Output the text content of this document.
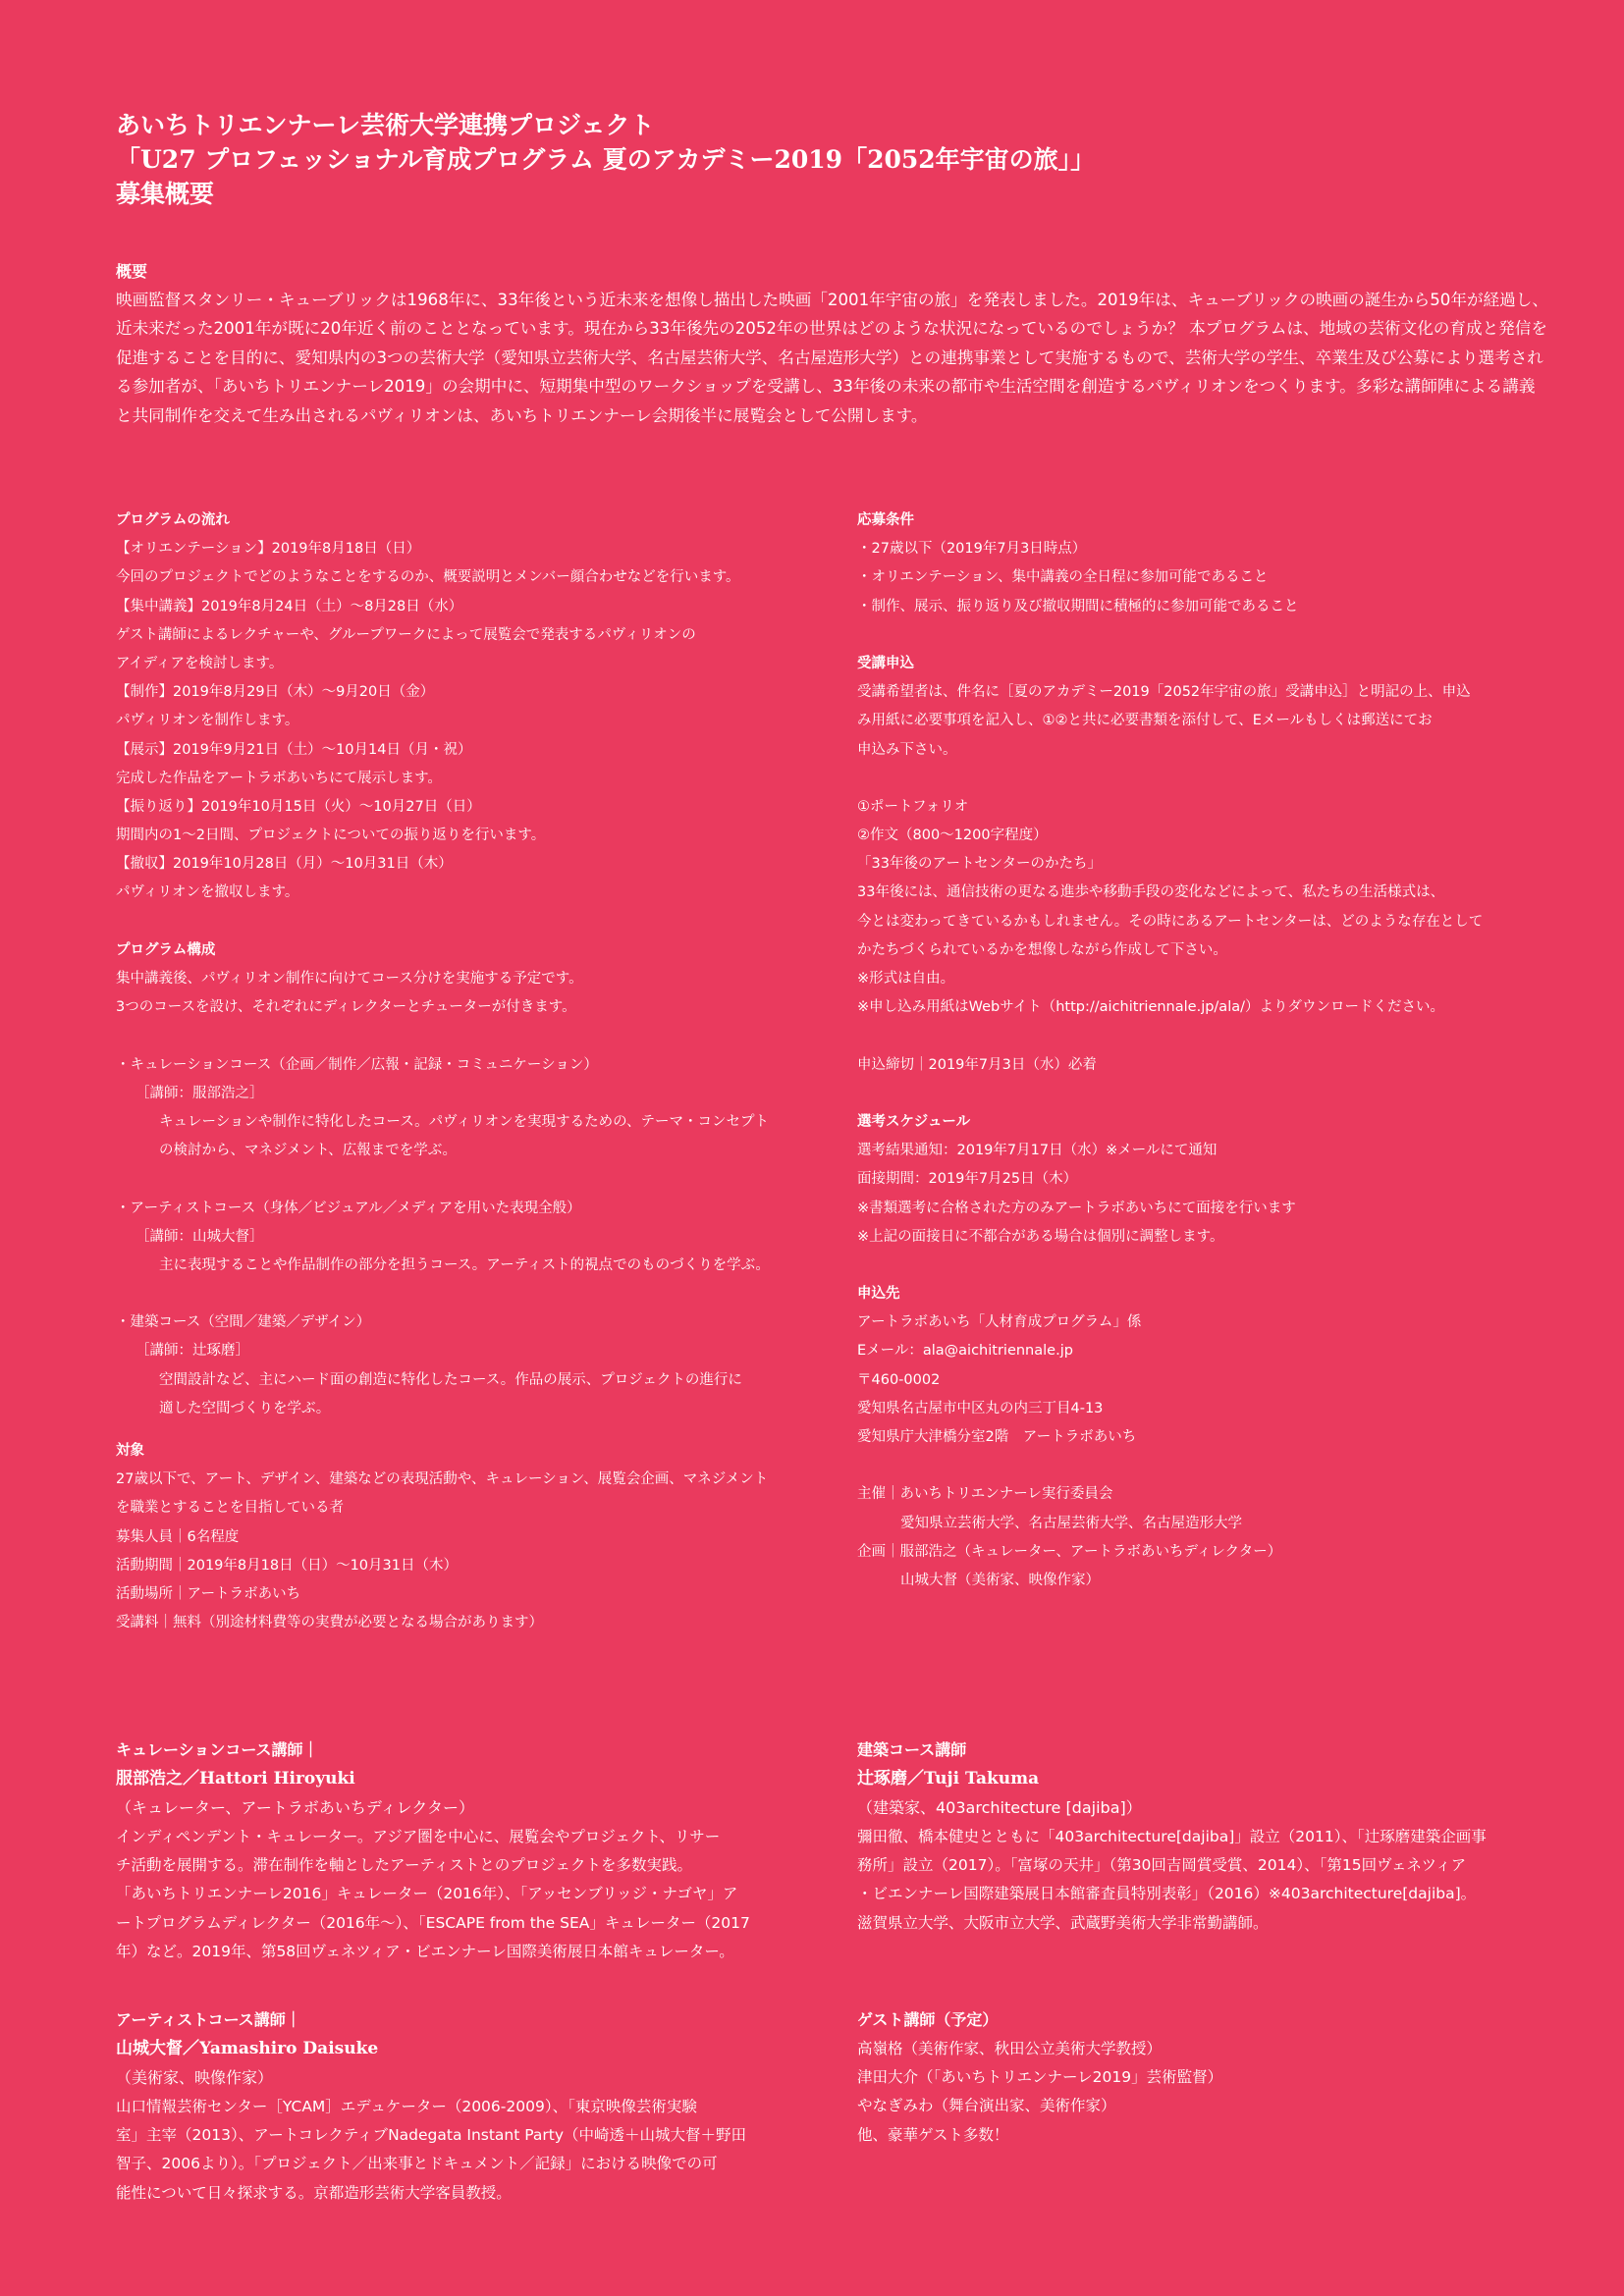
あいちトリエンナーレ芸術大学連携プロジェクト
「U27 プロフェッショナル育成プログラム 夏のアカデミー2019「2052年宇宙の旅」」
募集概要
概要
映画監督スタンリー・キューブリックは1968年に、33年後という近未来を想像し描出した映画「2001年宇宙の旅」を発表しました。2019年は、キューブリックの映画の誕生から50年が経過し、近未来だった2001年が既に20年近く前のこととなっています。現在から33年後先の2052年の世界はどのような状況になっているのでしょうか？ 本プログラムは、地域の芸術文化の育成と発信を促進することを目的に、愛知県内の3つの芸術大学（愛知県立芸術大学、名古屋芸術大学、名古屋造形大学）との連携事業として実施するもので、芸術大学の学生、卒業生及び公募により選考される参加者が、「あいちトリエンナーレ2019」の会期中に、短期集中型のワークショップを受講し、33年後の未来の都市や生活空間を創造するパヴィリオンをつくります。多彩な講師陣による講義と共同制作を交えて生み出されるパヴィリオンは、あいちトリエンナーレ会期後半に展覧会として公開します。
プログラムの流れ
【オリエンテーション】2019年8月18日（日）
今回のプロジェクトでどのようなことをするのか、概要説明とメンバー顔合わせなどを行います。
【集中講義】2019年8月24日（土）～8月28日（水）
ゲスト講師によるレクチャーや、グループワークによって展覧会で発表するパヴィリオンの
アイディアを検討します。
【制作】2019年8月29日（木）～9月20日（金）
パヴィリオンを制作します。
【展示】2019年9月21日（土）～10月14日（月・祝）
完成した作品をアートラボあいちにて展示します。
【振り返り】2019年10月15日（火）～10月27日（日）
期間内の1～2日間、プロジェクトについての振り返りを行います。
【撤収】2019年10月28日（月）～10月31日（木）
パヴィリオンを撤収します。
プログラム構成
集中講義後、パヴィリオン制作に向けてコース分けを実施する予定です。
3つのコースを設け、それぞれにディレクターとチューターが付きます。
・キュレーションコース（企画／制作／広報・記録・コミュニケーション）
［講師：服部浩之］
キュレーションや制作に特化したコース。パヴィリオンを実現するための、テーマ・コンセプト
の検討から、マネジメント、広報までを学ぶ。
・アーティストコース（身体／ビジュアル／メディアを用いた表現全般）
［講師：山城大督］
主に表現することや作品制作の部分を担うコース。アーティスト的視点でのものづくりを学ぶ。
・建築コース（空間／建築／デザイン）
［講師：辻琢磨］
空間設計など、主にハード面の創造に特化したコース。作品の展示、プロジェクトの進行に
適した空間づくりを学ぶ。
対象
27歳以下で、アート、デザイン、建築などの表現活動や、キュレーション、展覧会企画、マネジメント
を職業とすることを目指している者
募集人員｜6名程度
活動期間｜2019年8月18日（日）～10月31日（木）
活動場所｜アートラボあいち
受講料｜無料（別途材料費等の実費が必要となる場合があります）
応募条件
・27歳以下（2019年7月3日時点）
・オリエンテーション、集中講義の全日程に参加可能であること
・制作、展示、振り返り及び撤収期間に積極的に参加可能であること
受講申込
受講希望者は、件名に［夏のアカデミー2019「2052年宇宙の旅」受講申込］と明記の上、申込
み用紙に必要事項を記入し、①②と共に必要書類を添付して、Eメールもしくは郵送にてお
申込み下さい。
①ポートフォリオ
②作文（800～1200字程度）
「33年後のアートセンターのかたち」
33年後には、通信技術の更なる進歩や移動手段の変化などによって、私たちの生活様式は、
今とは変わってきているかもしれません。その時にあるアートセンターは、どのような存在として
かたちづくられているかを想像しながら作成して下さい。
※形式は自由。
※申し込み用紙はWebサイト（http://aichitriennale.jp/ala/）よりダウンロードください。
申込締切｜2019年7月3日（水）必着
選考スケジュール
選考結果通知：2019年7月17日（水）※メールにて通知
面接期間：2019年7月25日（木）
※書類選考に合格された方のみアートラボあいちにて面接を行います
※上記の面接日に不都合がある場合は個別に調整します。
申込先
アートラボあいち「人材育成プログラム」係
Eメール：ala@aichitriennale.jp
〒460-0002
愛知県名古屋市中区丸の内三丁目4-13
愛知県庁大津橋分室2階　アートラボあいち
主催｜あいちトリエンナーレ実行委員会
愛知県立芸術大学、名古屋芸術大学、名古屋造形大学
企画｜服部浩之（キュレーター、アートラボあいちディレクター）
山城大督（美術家、映像作家）
キュレーションコース講師｜
服部浩之／Hattori Hiroyuki
（キュレーター、アートラボあいちディレクター）
インディペンデント・キュレーター。アジア圏を中心に、展覧会やプロジェクト、リサー
チ活動を展開する。滞在制作を軸としたアーティストとのプロジェクトを多数実践。
「あいちトリエンナーレ2016」キュレーター（2016年）、「アッセンブリッジ・ナゴヤ」ア
ートプログラムディレクター（2016年～）、「ESCAPE from the SEA」キュレーター（2017
年）など。2019年、第58回ヴェネツィア・ビエンナーレ国際美術展日本館キュレーター。
アーティストコース講師｜
山城大督／Yamashiro Daisuke
（美術家、映像作家）
山口情報芸術センター［YCAM］エデュケーター（2006-2009）、「東京映像芸術実験
室」主宰（2013）、アートコレクティブNadegata Instant Party（中崎透＋山城大督＋野田
智子、2006より）。「プロジェクト／出来事とドキュメント／記録」における映像での可
能性について日々探求する。京都造形芸術大学客員教授。
建築コース講師
辻琢磨／Tuji Takuma
（建築家、403architecture [dajiba]）
彌田徹、橋本健史とともに「403architecture[dajiba]」設立（2011）、「辻琢磨建築企画事
務所」設立（2017）。「富塚の天井」（第30回吉岡賞受賞、2014）、「第15回ヴェネツィア
・ビエンナーレ国際建築展日本館審査員特別表彰」（2016）※403architecture[dajiba]。
滋賀県立大学、大阪市立大学、武蔵野美術大学非常勤講師。
ゲスト講師（予定）
高嶺格（美術作家、秋田公立美術大学教授）
津田大介（「あいちトリエンナーレ2019」芸術監督）
やなぎみわ（舞台演出家、美術作家）
他、豪華ゲスト多数！
